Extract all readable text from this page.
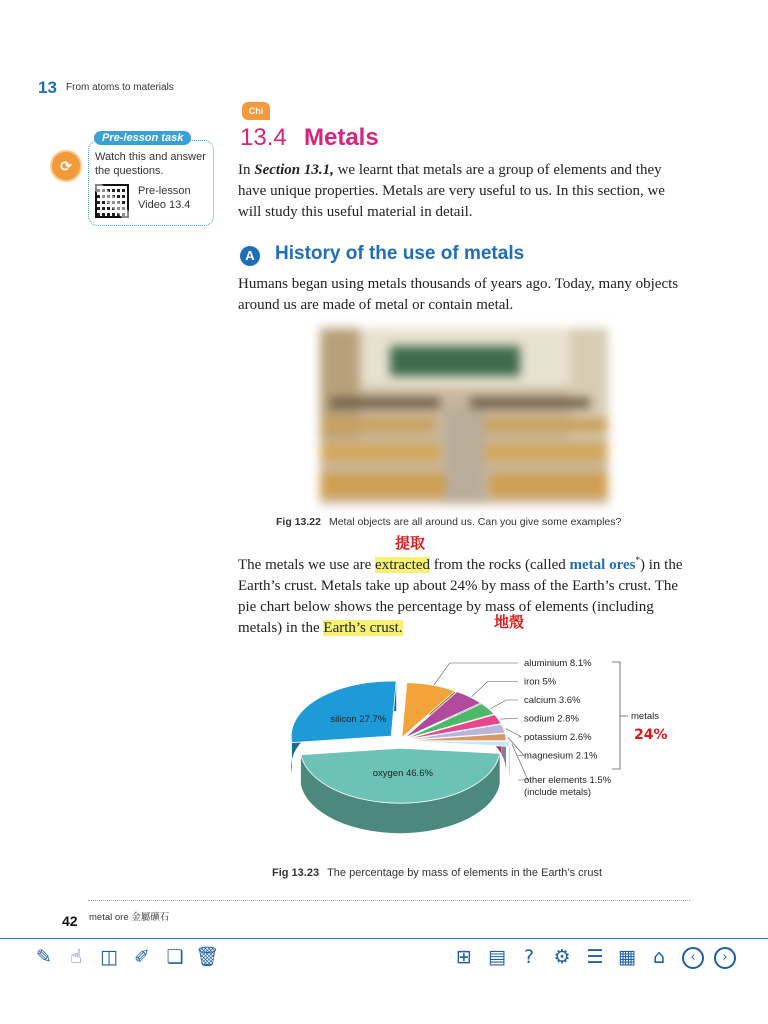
13 From atoms to materials
⟳
Pre-lesson task
Watch this and answer the questions.
Pre-lesson Video 13.4
Chi
13.4 Metals
In Section 13.1, we learnt that metals are a group of elements and they have unique properties. Metals are very useful to us. In this section, we will study this useful material in detail.
A History of the use of metals
Humans began using metals thousands of years ago. Today, many objects around us are made of metal or contain metal.
Fig 13.22 Metal objects are all around us. Can you give some examples?
The metals we use are extracted from the rocks (called metal ores*) in the Earth’s crust. Metals take up about 24% by mass of the Earth’s crust. The pie chart below shows the percentage by mass of elements (including metals) in the Earth’s crust.
提取
地殼
24%
aluminium 8.1%
iron 5%
calcium 3.6%
sodium 2.8%
potassium 2.6%
magnesium 2.1%
other elements 1.5%
(include metals)
oxygen 46.6%
silicon 27.7%	metals
Fig 13.23 The percentage by mass of elements in the Earth’s crust
42 metal ore 金屬礦石
✎ ☝ ◫ ✐ ❏ 🗑	⊞ ▤ ?	⚙ ☰ ▦ ⌂	‹	›
